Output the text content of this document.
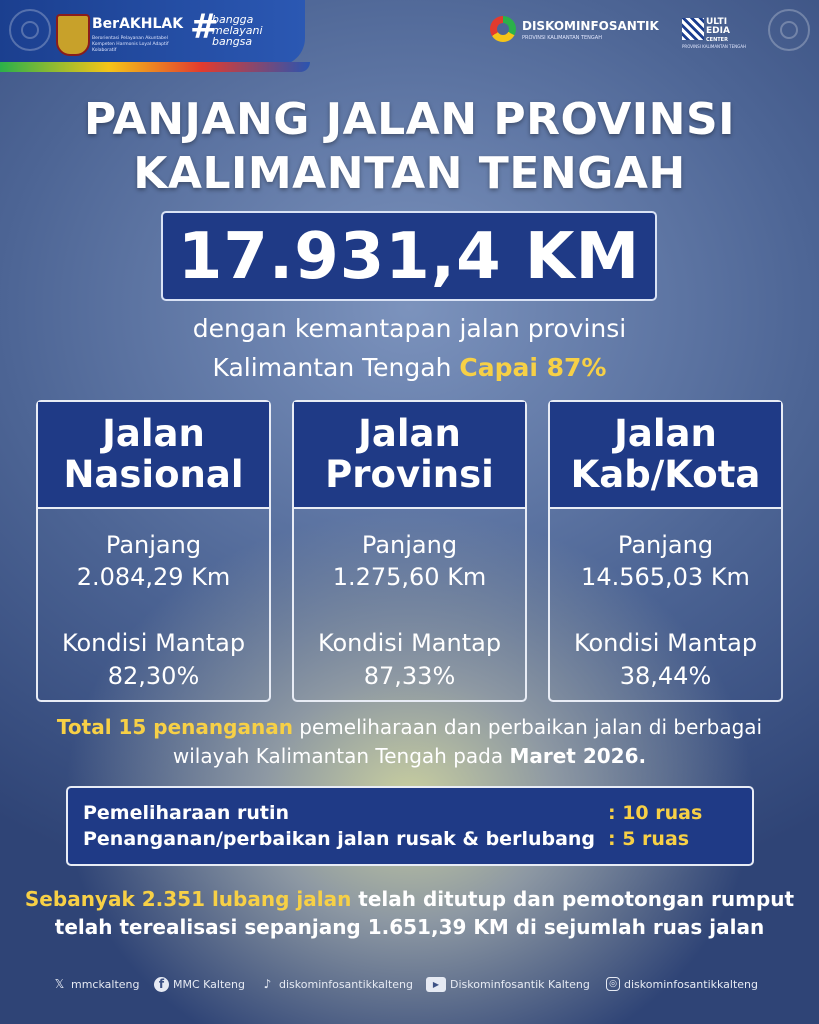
BerAKHLAK
Berorientasi Pelayanan Akuntabel Kompeten Harmonis Loyal Adaptif Kolaboratif
#
bangga
melayani
bangsa
DISKOMINFOSANTIK
PROVINSI KALIMANTAN TENGAH
ULTI
EDIA
CENTER
PROVINSI KALIMANTAN TENGAH
PANJANG JALAN PROVINSI
KALIMANTAN TENGAH
17.931,4 KM
dengan kemantapan jalan provinsi
Kalimantan Tengah Capai 87%
Jalan
Nasional
Panjang
2.084,29 Km
Kondisi Mantap
82,30%
Jalan
Provinsi
Panjang
1.275,60 Km
Kondisi Mantap
87,33%
Jalan
Kab/Kota
Panjang
14.565,03 Km
Kondisi Mantap
38,44%
Total 15 penanganan pemeliharaan dan perbaikan jalan di berbagai
wilayah Kalimantan Tengah pada Maret 2026.
Pemeliharaan rutin	: 10 ruas
Penanganan/perbaikan jalan rusak & berlubang : 5 ruas
Sebanyak 2.351 lubang jalan telah ditutup dan pemotongan rumput
telah terealisasi sepanjang 1.651,39 KM di sejumlah ruas jalan
𝕏 mmckalteng	f MMC Kalteng	♪ diskominfosantikkalteng	▶ Diskominfosantik Kalteng	◎ diskominfosantikkalteng
